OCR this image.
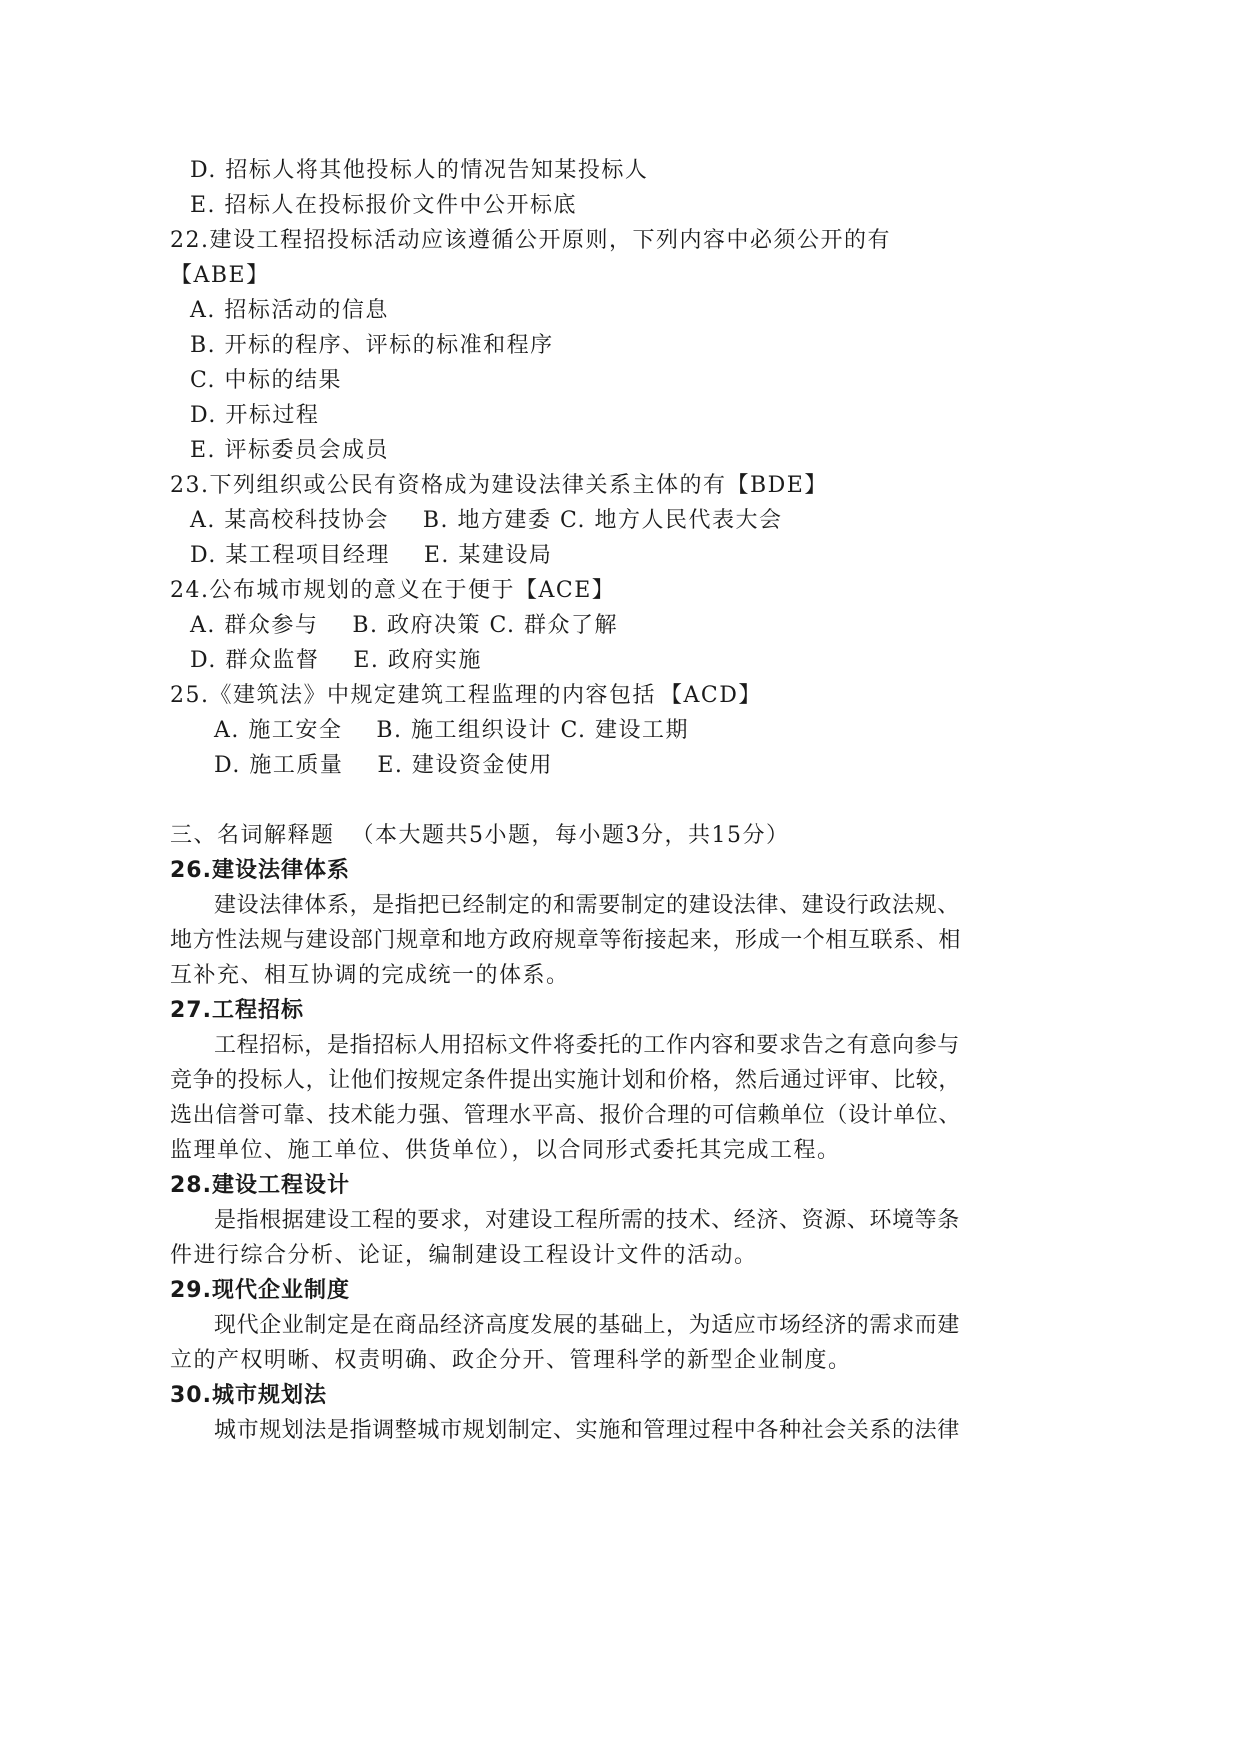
D. 招标人将其他投标人的情况告知某投标人
E. 招标人在投标报价文件中公开标底
22.建设工程招投标活动应该遵循公开原则，下列内容中必须公开的有
【ABE】
A. 招标活动的信息
B. 开标的程序、评标的标准和程序
C. 中标的结果
D. 开标过程
E. 评标委员会成员
23.下列组织或公民有资格成为建设法律关系主体的有【BDE】
A. 某高校科技协会    B. 地方建委 C. 地方人民代表大会
D. 某工程项目经理    E. 某建设局
24.公布城市规划的意义在于便于【ACE】
A. 群众参与    B. 政府决策 C. 群众了解
D. 群众监督    E. 政府实施
25.《建筑法》中规定建筑工程监理的内容包括 【ACD】
A. 施工安全    B. 施工组织设计 C. 建设工期
D. 施工质量    E. 建设资金使用
三、名词解释题  （本大题共5小题，每小题3分，共15分）
26.建设法律体系
建设法律体系，是指把已经制定的和需要制定的建设法律、建设行政法规、
地方性法规与建设部门规章和地方政府规章等衔接起来，形成一个相互联系、相
互补充、相互协调的完成统一的体系。
27.工程招标
工程招标，是指招标人用招标文件将委托的工作内容和要求告之有意向参与
竞争的投标人，让他们按规定条件提出实施计划和价格，然后通过评审、比较，
选出信誉可靠、技术能力强、管理水平高、报价合理的可信赖单位（设计单位、
监理单位、施工单位、供货单位），以合同形式委托其完成工程。
28.建设工程设计
是指根据建设工程的要求，对建设工程所需的技术、经济、资源、环境等条
件进行综合分析、论证，编制建设工程设计文件的活动。
29.现代企业制度
现代企业制定是在商品经济高度发展的基础上，为适应市场经济的需求而建
立的产权明晰、权责明确、政企分开、管理科学的新型企业制度。
30.城市规划法
城市规划法是指调整城市规划制定、实施和管理过程中各种社会关系的法律
